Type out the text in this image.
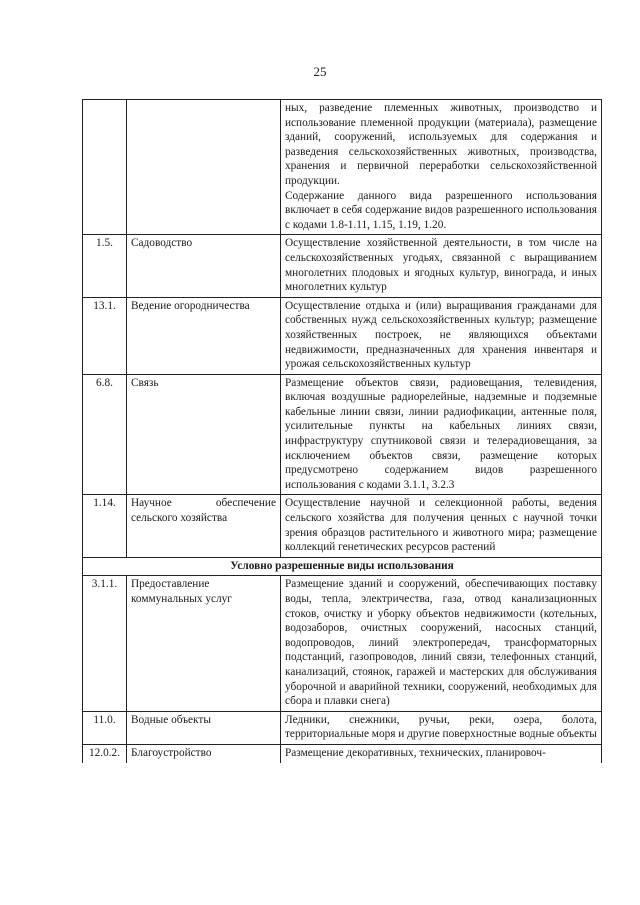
25

		ных, разведение племенных животных, производство и использование племенной продукции (материала), размещение зданий, сооружений, используемых для содержания и разведения сельскохозяйственных животных, производства, хранения и первичной переработки сельскохозяйственной продукции.
Содержание данного вида разрешенного использования включает в себя содержание видов разрешенного использования с кодами 1.8-1.11, 1.15, 1.19, 1.20.

1.5.	Садоводство	Осуществление хозяйственной деятельности, в том числе на сельскохозяйственных угодьях, связанной с выращиванием многолетних плодовых и ягодных культур, винограда, и иных многолетних культур

13.1.	Ведение огородничества	Осуществление отдыха и (или) выращивания гражданами для собственных нужд сельскохозяйственных культур; размещение хозяйственных построек, не являющихся объектами недвижимости, предназначенных для хранения инвентаря и урожая сельскохозяйственных культур

6.8.	Связь	Размещение объектов связи, радиовещания, телевидения, включая воздушные радиорелейные, надземные и подземные кабельные линии связи, линии радиофикации, антенные поля, усилительные пункты на кабельных линиях связи, инфраструктуру спутниковой связи и телерадиовещания, за исключением объектов связи, размещение которых предусмотрено содержанием видов разрешенного использования с кодами 3.1.1, 3.2.3

1.14.	Научное обеспечение сельского хозяйства	Осуществление научной и селекционной работы, ведения сельского хозяйства для получения ценных с научной точки зрения образцов растительного и животного мира; размещение коллекций генетических ресурсов растений

Условно разрешенные виды использования		
3.1.1.	Предоставление коммунальных услуг	Размещение зданий и сооружений, обеспечивающих поставку воды, тепла, электричества, газа, отвод канализационных стоков, очистку и уборку объектов недвижимости (котельных, водозаборов, очистных сооружений, насосных станций, водопроводов, линий электропередач, трансформаторных подстанций, газопроводов, линий связи, телефонных станций, канализаций, стоянок, гаражей и мастерских для обслуживания уборочной и аварийной техники, сооружений, необходимых для сбора и плавки снега)

11.0.	Водные объекты	Ледники, снежники, ручьи, реки, озера, болота, территориальные моря и другие поверхностные водные объекты

12.0.2.	Благоустройство	Размещение декоративных, технических, планировоч-
